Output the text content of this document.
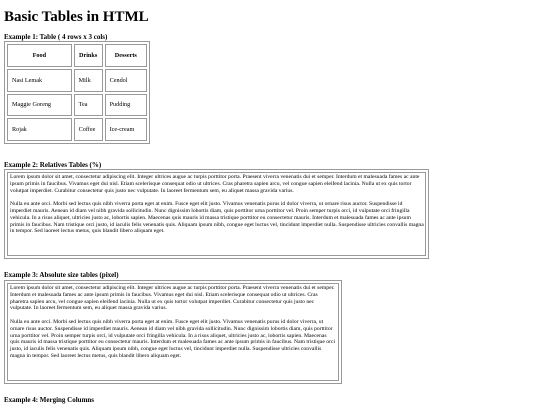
Basic Tables in HTML
Example 1: Table ( 4 rows x 3 cols)
Food	Drinks	Desserts
Nasi Lemak	Milk	Cendol
Maggie Goreng	Tea	Pudding
Rojak	Coffee	Ice-cream
Example 2: Relatives Tables (%)

Lorem ipsum dolor sit amet, consectetur adipiscing elit. Integer ultrices augue ac turpis porttitor porta. Praesent viverra venenatis dui et semper. Interdum et malesuada fames ac ante ipsum primis in faucibus. Vivamus eget dui nisl. Etiam scelerisque consequat odio ut ultrices. Cras pharetra sapien arcu, vel congue sapien eleifend lacinia. Nulla ut ex quis tortor volutpat imperdiet. Curabitur consectetur quis justo nec vulputate. In laoreet fermentum sem, eu aliquet massa gravida varius.

Nulla eu ante orci. Morbi sed lectus quis nibh viverra porta eget at enim. Fusce eget elit justo. Vivamus venenatis purus id dolor viverra, ut ornare risus auctor. Suspendisse id imperdiet mauris. Aenean id diam vel nibh gravida sollicitudin. Nunc dignissim lobortis diam, quis porttitor urna porttitor vel. Proin semper turpis orci, id vulputate orci fringilla vehicula. In a risus aliquet, ultricies justo ac, lobortis sapien. Maecenas quis mauris id massa tristique porttitor eu consectetur mauris. Interdum et malesuada fames ac ante ipsum primis in faucibus. Nam tristique orci justo, id iaculis felis venenatis quis. Aliquam ipsum nibh, congue eget luctus vel, tincidunt imperdiet nulla. Suspendisse ultricies convallis magna in tempor. Sed laoreet lectus metus, quis blandit libero aliquam eget.

Example 3: Absolute size tables (pixel)

Lorem ipsum dolor sit amet, consectetur adipiscing elit. Integer ultrices augue ac turpis porttitor porta. Praesent viverra venenatis dui et semper. Interdum et malesuada fames ac ante ipsum primis in faucibus. Vivamus eget dui nisl. Etiam scelerisque consequat odio ut ultrices. Cras pharetra sapien arcu, vel congue sapien eleifend lacinia. Nulla ut ex quis tortor volutpat imperdiet. Curabitur consectetur quis justo nec vulputate. In laoreet fermentum sem, eu aliquet massa gravida varius.

Nulla eu ante orci. Morbi sed lectus quis nibh viverra porta eget at enim. Fusce eget elit justo. Vivamus venenatis purus id dolor viverra, ut ornare risus auctor. Suspendisse id imperdiet mauris. Aenean id diam vel nibh gravida sollicitudin. Nunc dignissim lobortis diam, quis porttitor urna porttitor vel. Proin semper turpis orci, id vulputate orci fringilla vehicula. In a risus aliquet, ultricies justo ac, lobortis sapien. Maecenas quis mauris id massa tristique porttitor eu consectetur mauris. Interdum et malesuada fames ac ante ipsum primis in faucibus. Nam tristique orci justo, id iaculis felis venenatis quis. Aliquam ipsum nibh, congue eget luctus vel, tincidunt imperdiet nulla. Suspendisse ultricies convallis magna in tempor. Sed laoreet lectus metus, quis blandit libero aliquam eget.

Example 4: Merging Columns
